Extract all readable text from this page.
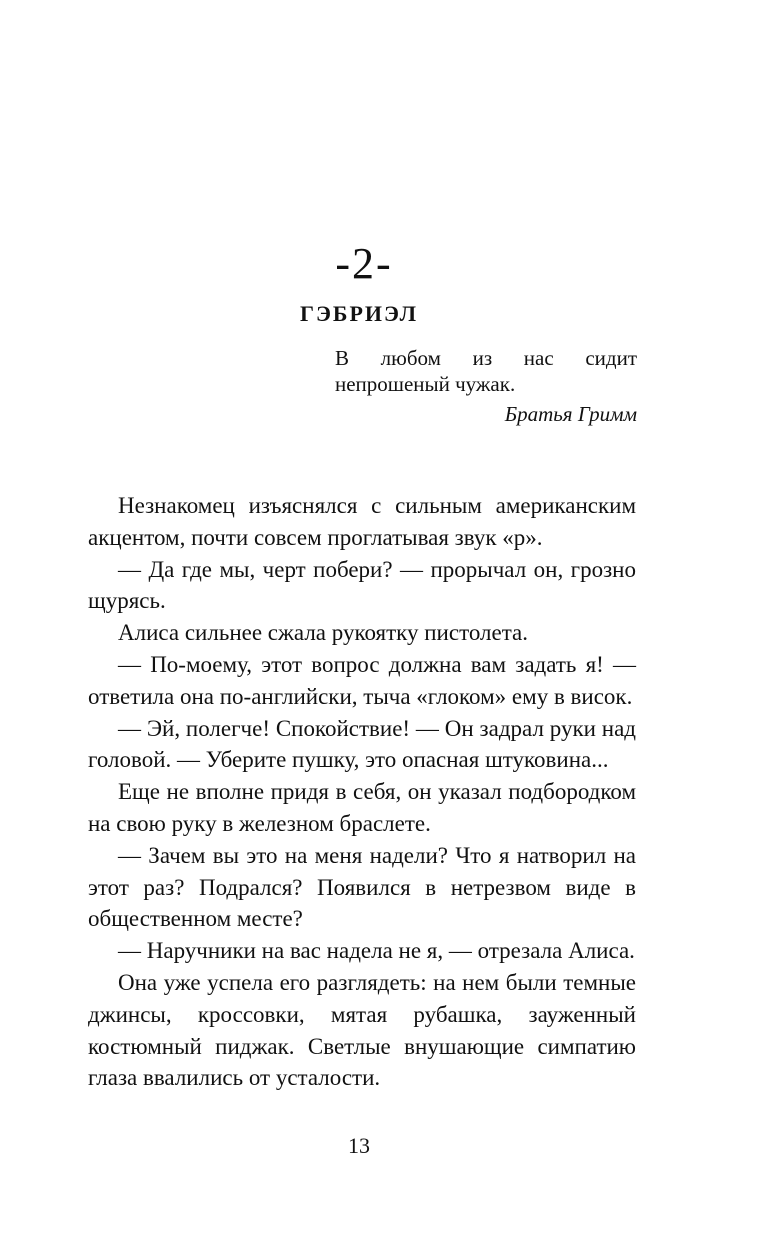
-2-
ГЭБРИЭЛ
В любом из нас сидит непрошеный чужак.
Братья Гримм

Незнакомец изъяснялся с сильным американским акцентом, почти совсем проглатывая звук «р».

— Да где мы, черт побери? — прорычал он, грозно щурясь.

Алиса сильнее сжала рукоятку пистолета.

— По-моему, этот вопрос должна вам задать я! — ответила она по-английски, тыча «глоком» ему в висок.

— Эй, полегче! Спокойствие! — Он задрал руки над головой. — Уберите пушку, это опасная штуковина...

Еще не вполне придя в себя, он указал подбородком на свою руку в железном браслете.

— Зачем вы это на меня надели? Что я натворил на этот раз? Подрался? Появился в нетрезвом виде в общественном месте?

— Наручники на вас надела не я, — отрезала Алиса.

Она уже успела его разглядеть: на нем были темные джинсы, кроссовки, мятая рубашка, зауженный костюмный пиджак. Светлые внушающие симпатию глаза ввалились от усталости.

13
